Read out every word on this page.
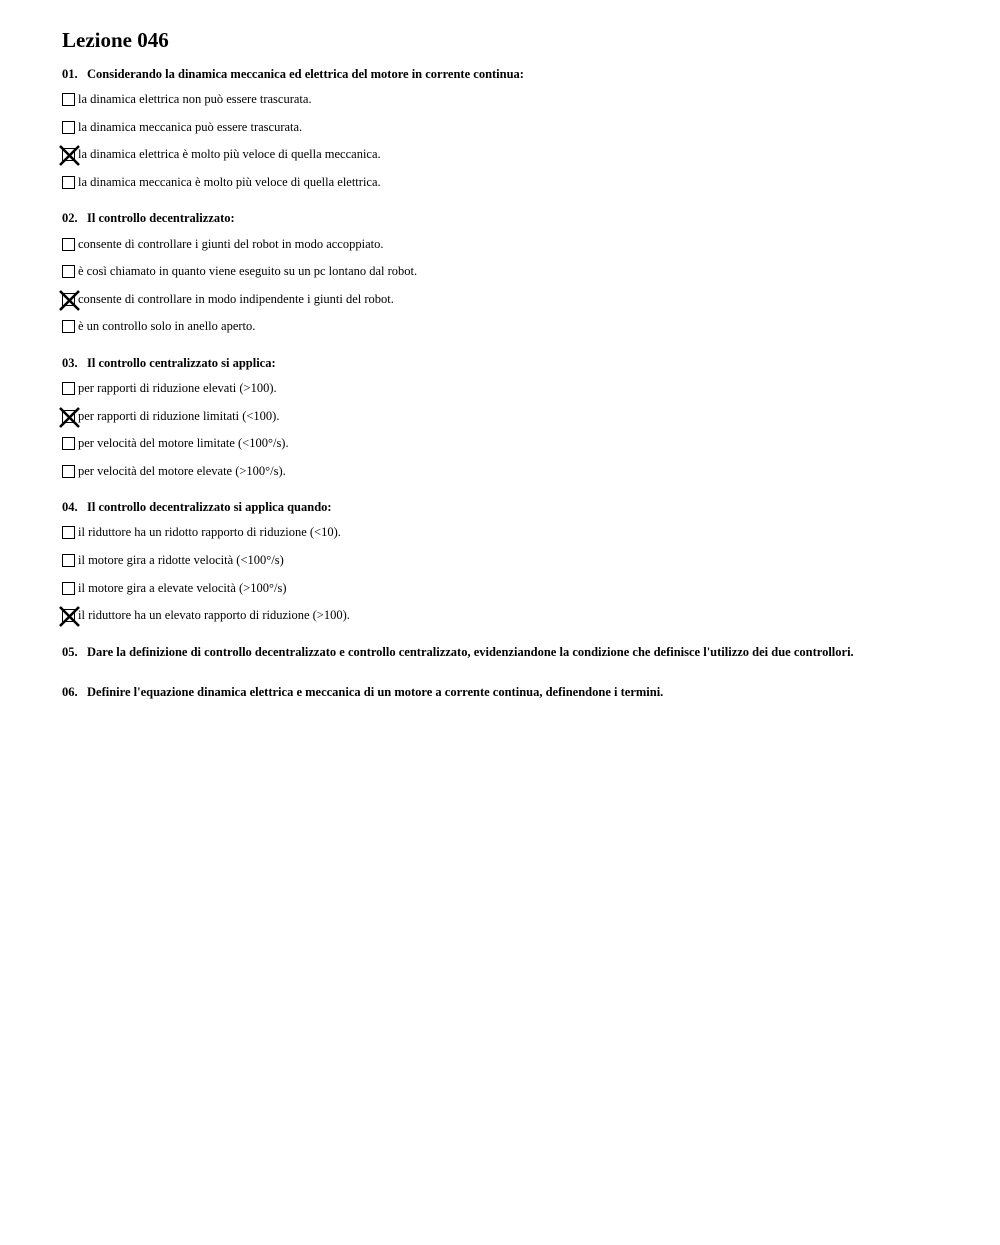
Lezione 046
01. Considerando la dinamica meccanica ed elettrica del motore in corrente continua:
la dinamica elettrica non può essere trascurata.
la dinamica meccanica può essere trascurata.
la dinamica elettrica è molto più veloce di quella meccanica.
la dinamica meccanica è molto più veloce di quella elettrica.
02. Il controllo decentralizzato:
consente di controllare i giunti del robot in modo accoppiato.
è così chiamato in quanto viene eseguito su un pc lontano dal robot.
consente di controllare in modo indipendente i giunti del robot.
è un controllo solo in anello aperto.
03. Il controllo centralizzato si applica:
per rapporti di riduzione elevati (>100).
per rapporti di riduzione limitati (<100).
per velocità del motore limitate (<100°/s).
per velocità del motore elevate (>100°/s).
04. Il controllo decentralizzato si applica quando:
il riduttore ha un ridotto rapporto di riduzione (<10).
il motore gira a ridotte velocità (<100°/s)
il motore gira a elevate velocità (>100°/s)
il riduttore ha un elevato rapporto di riduzione (>100).
05. Dare la definizione di controllo decentralizzato e controllo centralizzato, evidenziandone la condizione che definisce l'utilizzo dei due controllori.
06. Definire l'equazione dinamica elettrica e meccanica di un motore a corrente continua, definendone i termini.
